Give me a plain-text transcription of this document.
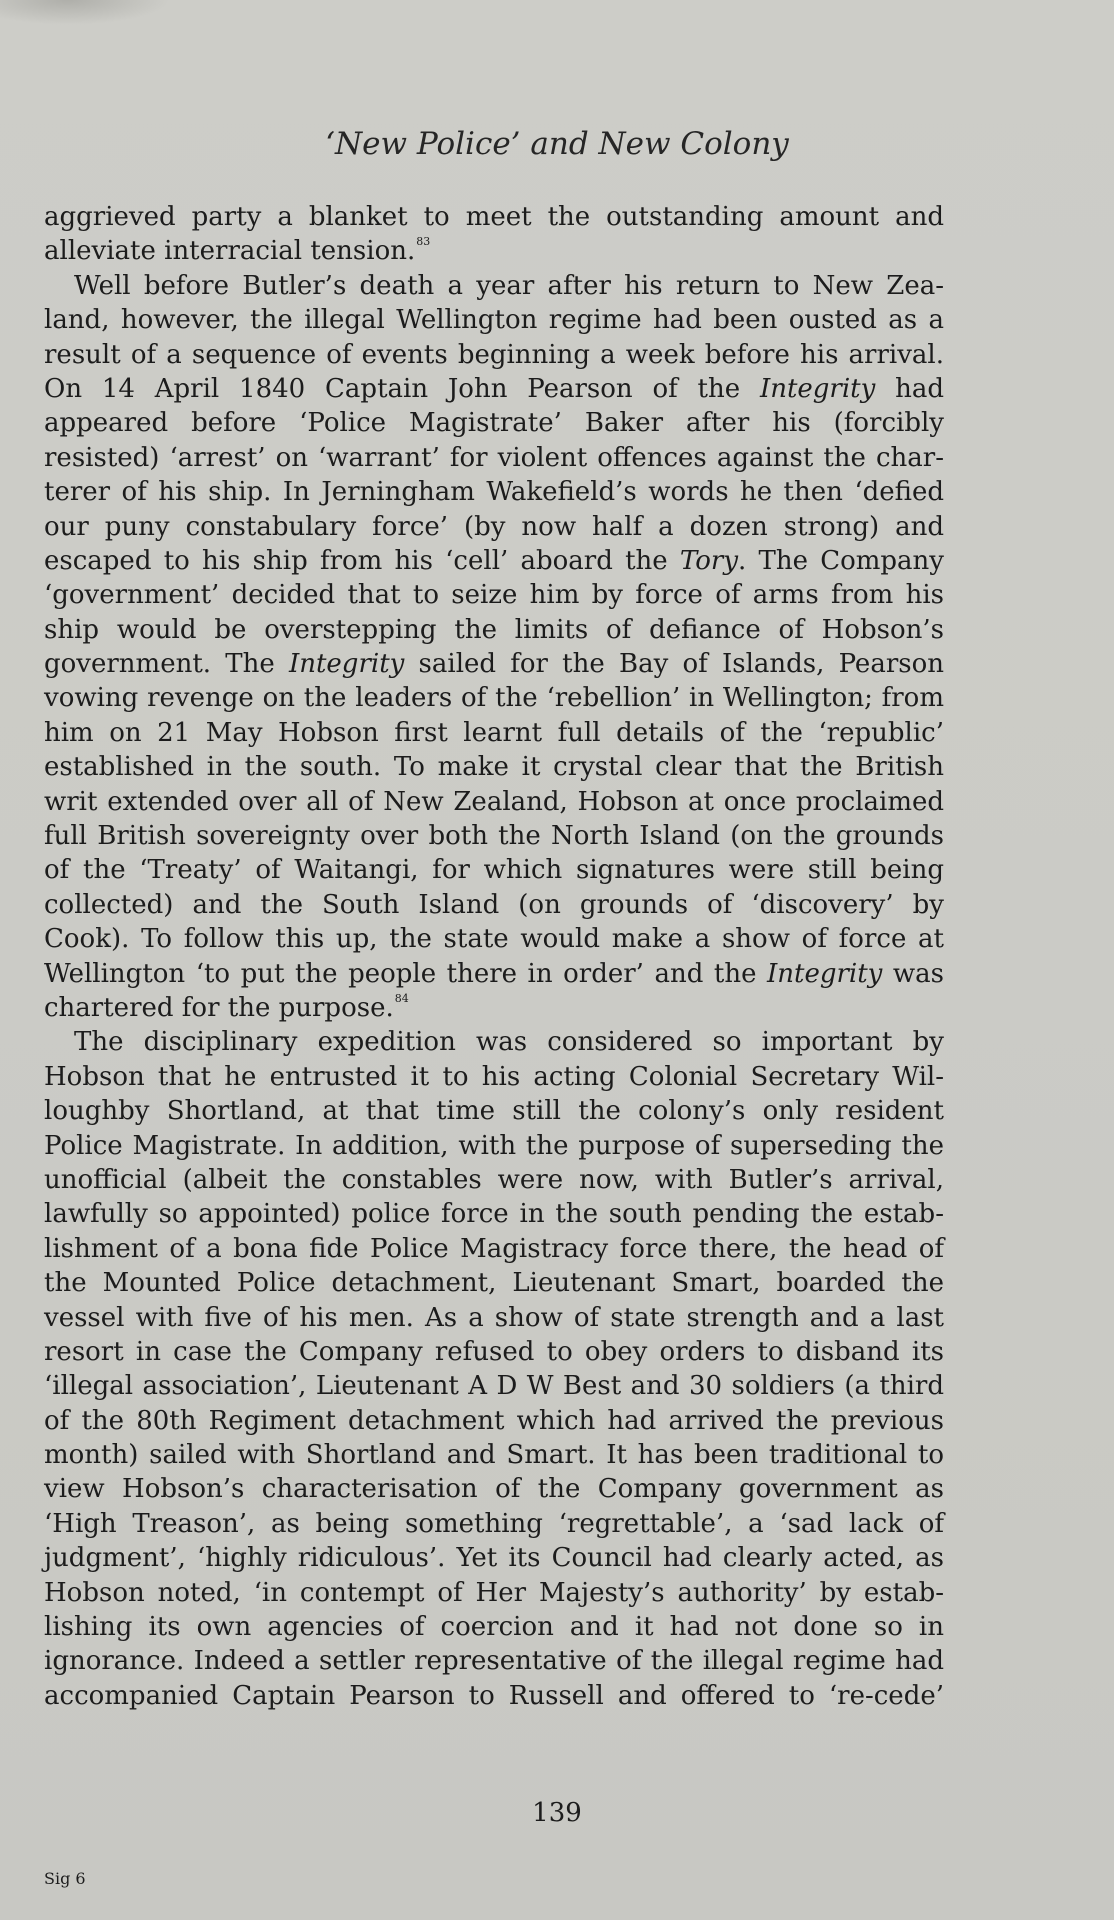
‘New Police’ and New Colony
aggrieved party a blanket to meet the outstanding amount and
alleviate interracial tension.$^{83}$
Well before Butler’s death a year after his return to New Zea-
land, however, the illegal Wellington regime had been ousted as a
result of a sequence of events beginning a week before his arrival.
On 14 April 1840 Captain John Pearson of the Integrity had
appeared before ‘Police Magistrate’ Baker after his (forcibly
resisted) ‘arrest’ on ‘warrant’ for violent offences against the char-
terer of his ship. In Jerningham Wakefield’s words he then ‘defied
our puny constabulary force’ (by now half a dozen strong) and
escaped to his ship from his ‘cell’ aboard the Tory. The Company
‘government’ decided that to seize him by force of arms from his
ship would be overstepping the limits of defiance of Hobson’s
government. The Integrity sailed for the Bay of Islands, Pearson
vowing revenge on the leaders of the ‘rebellion’ in Wellington; from
him on 21 May Hobson first learnt full details of the ‘republic’
established in the south. To make it crystal clear that the British
writ extended over all of New Zealand, Hobson at once proclaimed
full British sovereignty over both the North Island (on the grounds
of the ‘Treaty’ of Waitangi, for which signatures were still being
collected) and the South Island (on grounds of ‘discovery’ by
Cook). To follow this up, the state would make a show of force at
Wellington ‘to put the people there in order’ and the Integrity was
chartered for the purpose.$^{84}$
The disciplinary expedition was considered so important by
Hobson that he entrusted it to his acting Colonial Secretary Wil-
loughby Shortland, at that time still the colony’s only resident
Police Magistrate. In addition, with the purpose of superseding the
unofficial (albeit the constables were now, with Butler’s arrival,
lawfully so appointed) police force in the south pending the estab-
lishment of a bona fide Police Magistracy force there, the head of
the Mounted Police detachment, Lieutenant Smart, boarded the
vessel with five of his men. As a show of state strength and a last
resort in case the Company refused to obey orders to disband its
‘illegal association’, Lieutenant A D W Best and 30 soldiers (a third
of the 80th Regiment detachment which had arrived the previous
month) sailed with Shortland and Smart. It has been traditional to
view Hobson’s characterisation of the Company government as
‘High Treason’, as being something ‘regrettable’, a ‘sad lack of
judgment’, ‘highly ridiculous’. Yet its Council had clearly acted, as
Hobson noted, ‘in contempt of Her Majesty’s authority’ by estab-
lishing its own agencies of coercion and it had not done so in
ignorance. Indeed a settler representative of the illegal regime had
accompanied Captain Pearson to Russell and offered to ‘re-cede’
139
Sig 6
